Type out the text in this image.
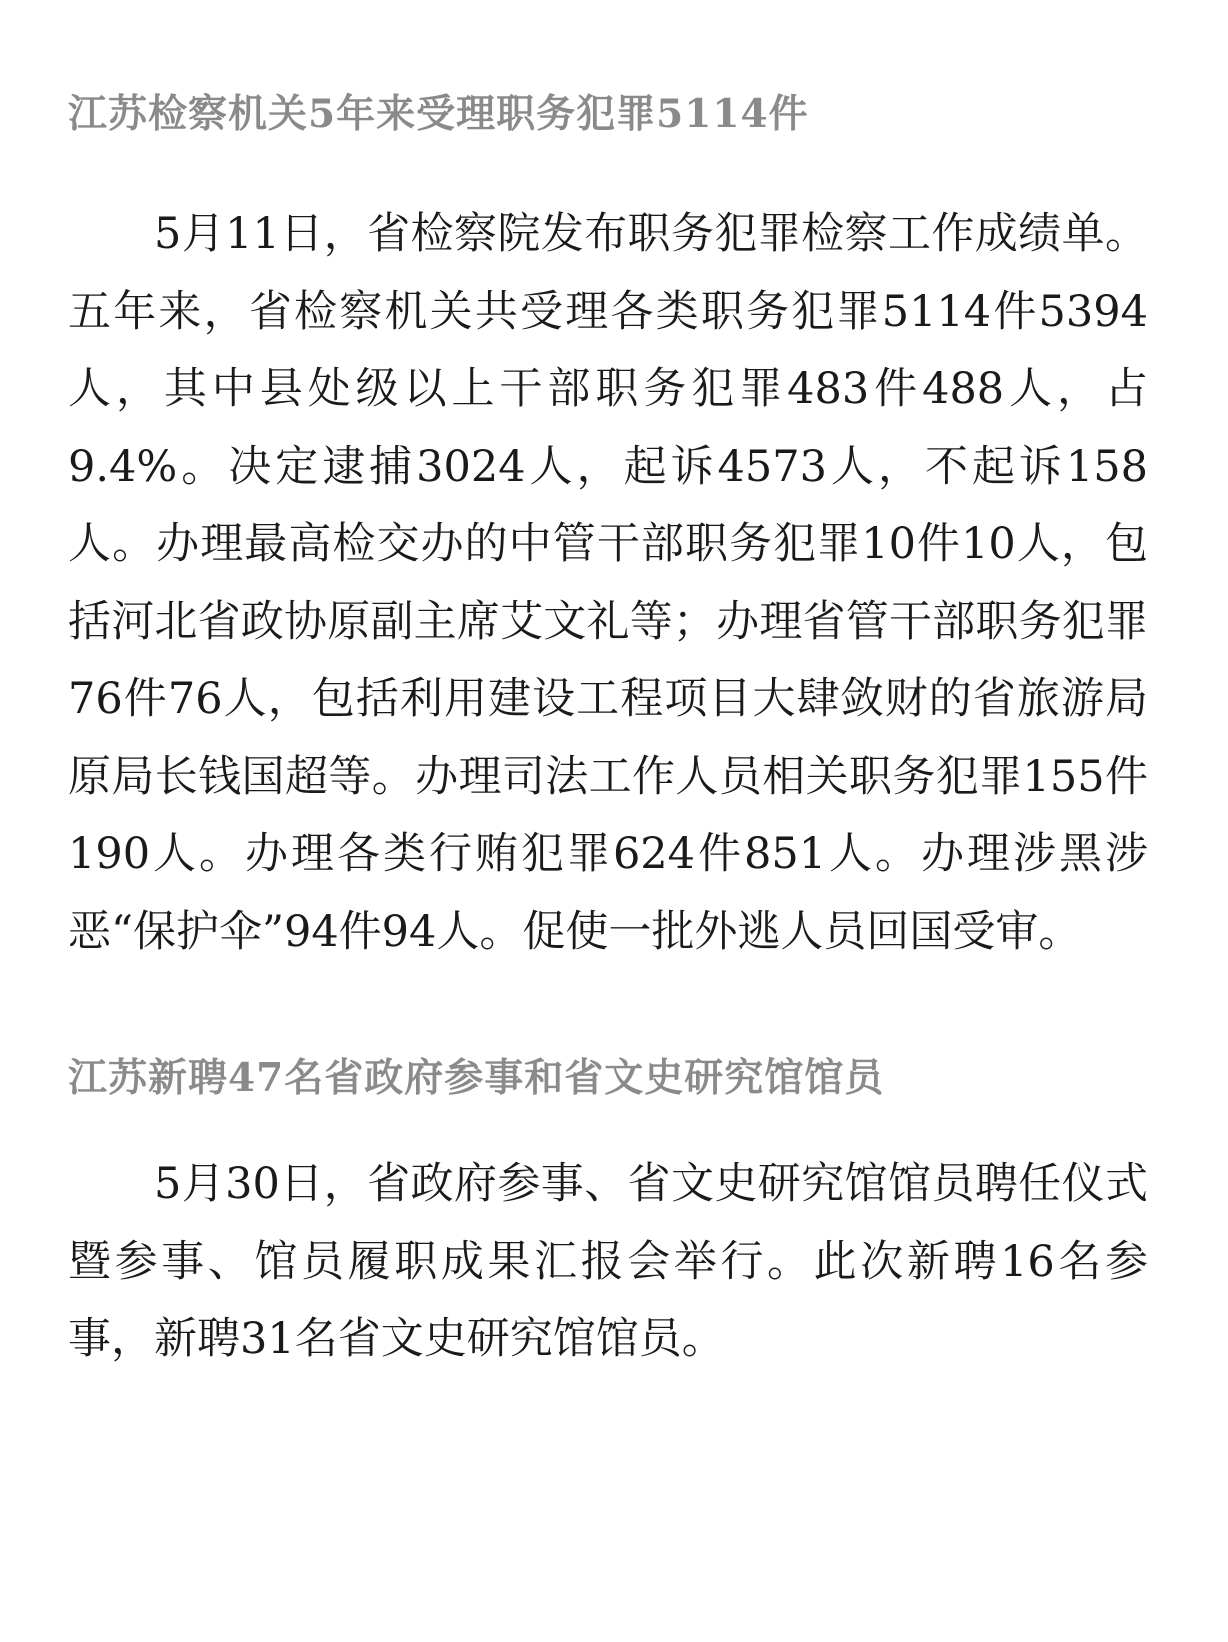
江苏检察机关5年来受理职务犯罪5114件

5月11日，省检察院发布职务犯罪检察工作成绩单。五年来，省检察机关共受理各类职务犯罪5114件5394人，其中县处级以上干部职务犯罪483件488人，占9.4%。决定逮捕3024人，起诉4573人，不起诉158人。办理最高检交办的中管干部职务犯罪10件10人，包括河北省政协原副主席艾文礼等；办理省管干部职务犯罪76件76人，包括利用建设工程项目大肆敛财的省旅游局原局长钱国超等。办理司法工作人员相关职务犯罪155件190人。办理各类行贿犯罪624件851人。办理涉黑涉恶“保护伞”94件94人。促使一批外逃人员回国受审。

江苏新聘47名省政府参事和省文史研究馆馆员

5月30日，省政府参事、省文史研究馆馆员聘任仪式暨参事、馆员履职成果汇报会举行。此次新聘16名参事，新聘31名省文史研究馆馆员。
